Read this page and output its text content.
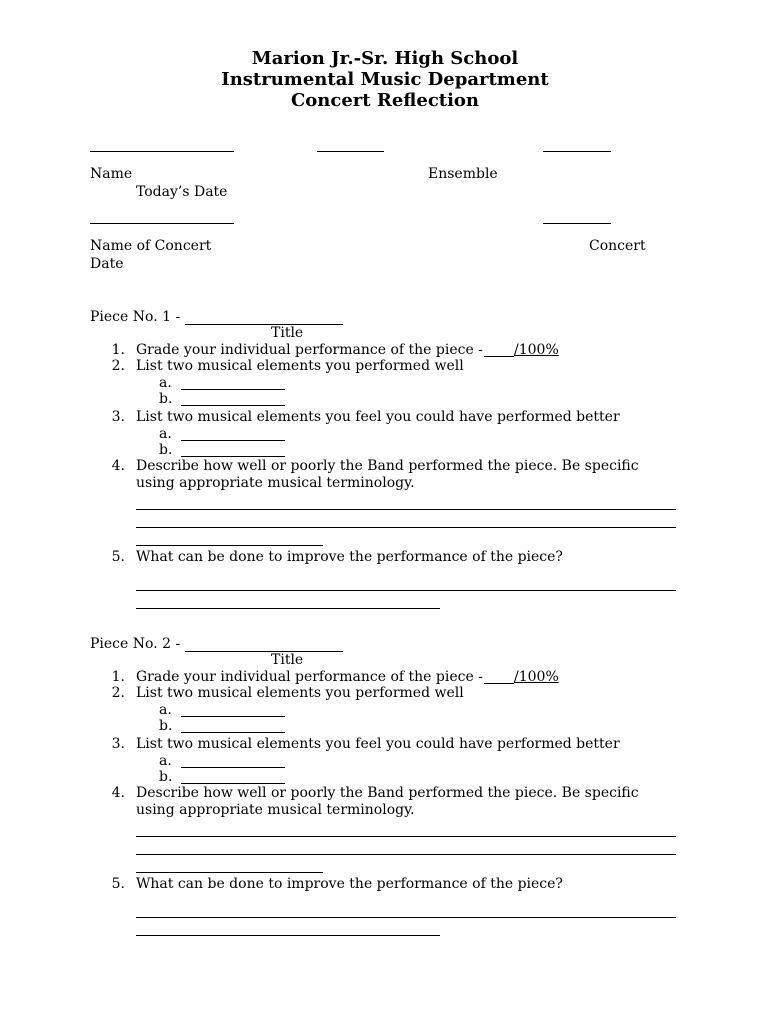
Marion Jr.-Sr. High School
Instrumental Music Department
Concert Reflection
Name	Ensemble
Today’s Date
Name of Concert	Concert
Date
Piece No. 1 -
Title
1. Grade your individual performance of the piece - /100%
2. List two musical elements you performed well
a.
b.
3. List two musical elements you feel you could have performed better
a.
b.
4. Describe how well or poorly the Band performed the piece. Be specific
using appropriate musical terminology.
5. What can be done to improve the performance of the piece?
Piece No. 2 -
Title
1. Grade your individual performance of the piece - /100%
2. List two musical elements you performed well
a.
b.
3. List two musical elements you feel you could have performed better
a.
b.
4. Describe how well or poorly the Band performed the piece. Be specific
using appropriate musical terminology.
5. What can be done to improve the performance of the piece?
